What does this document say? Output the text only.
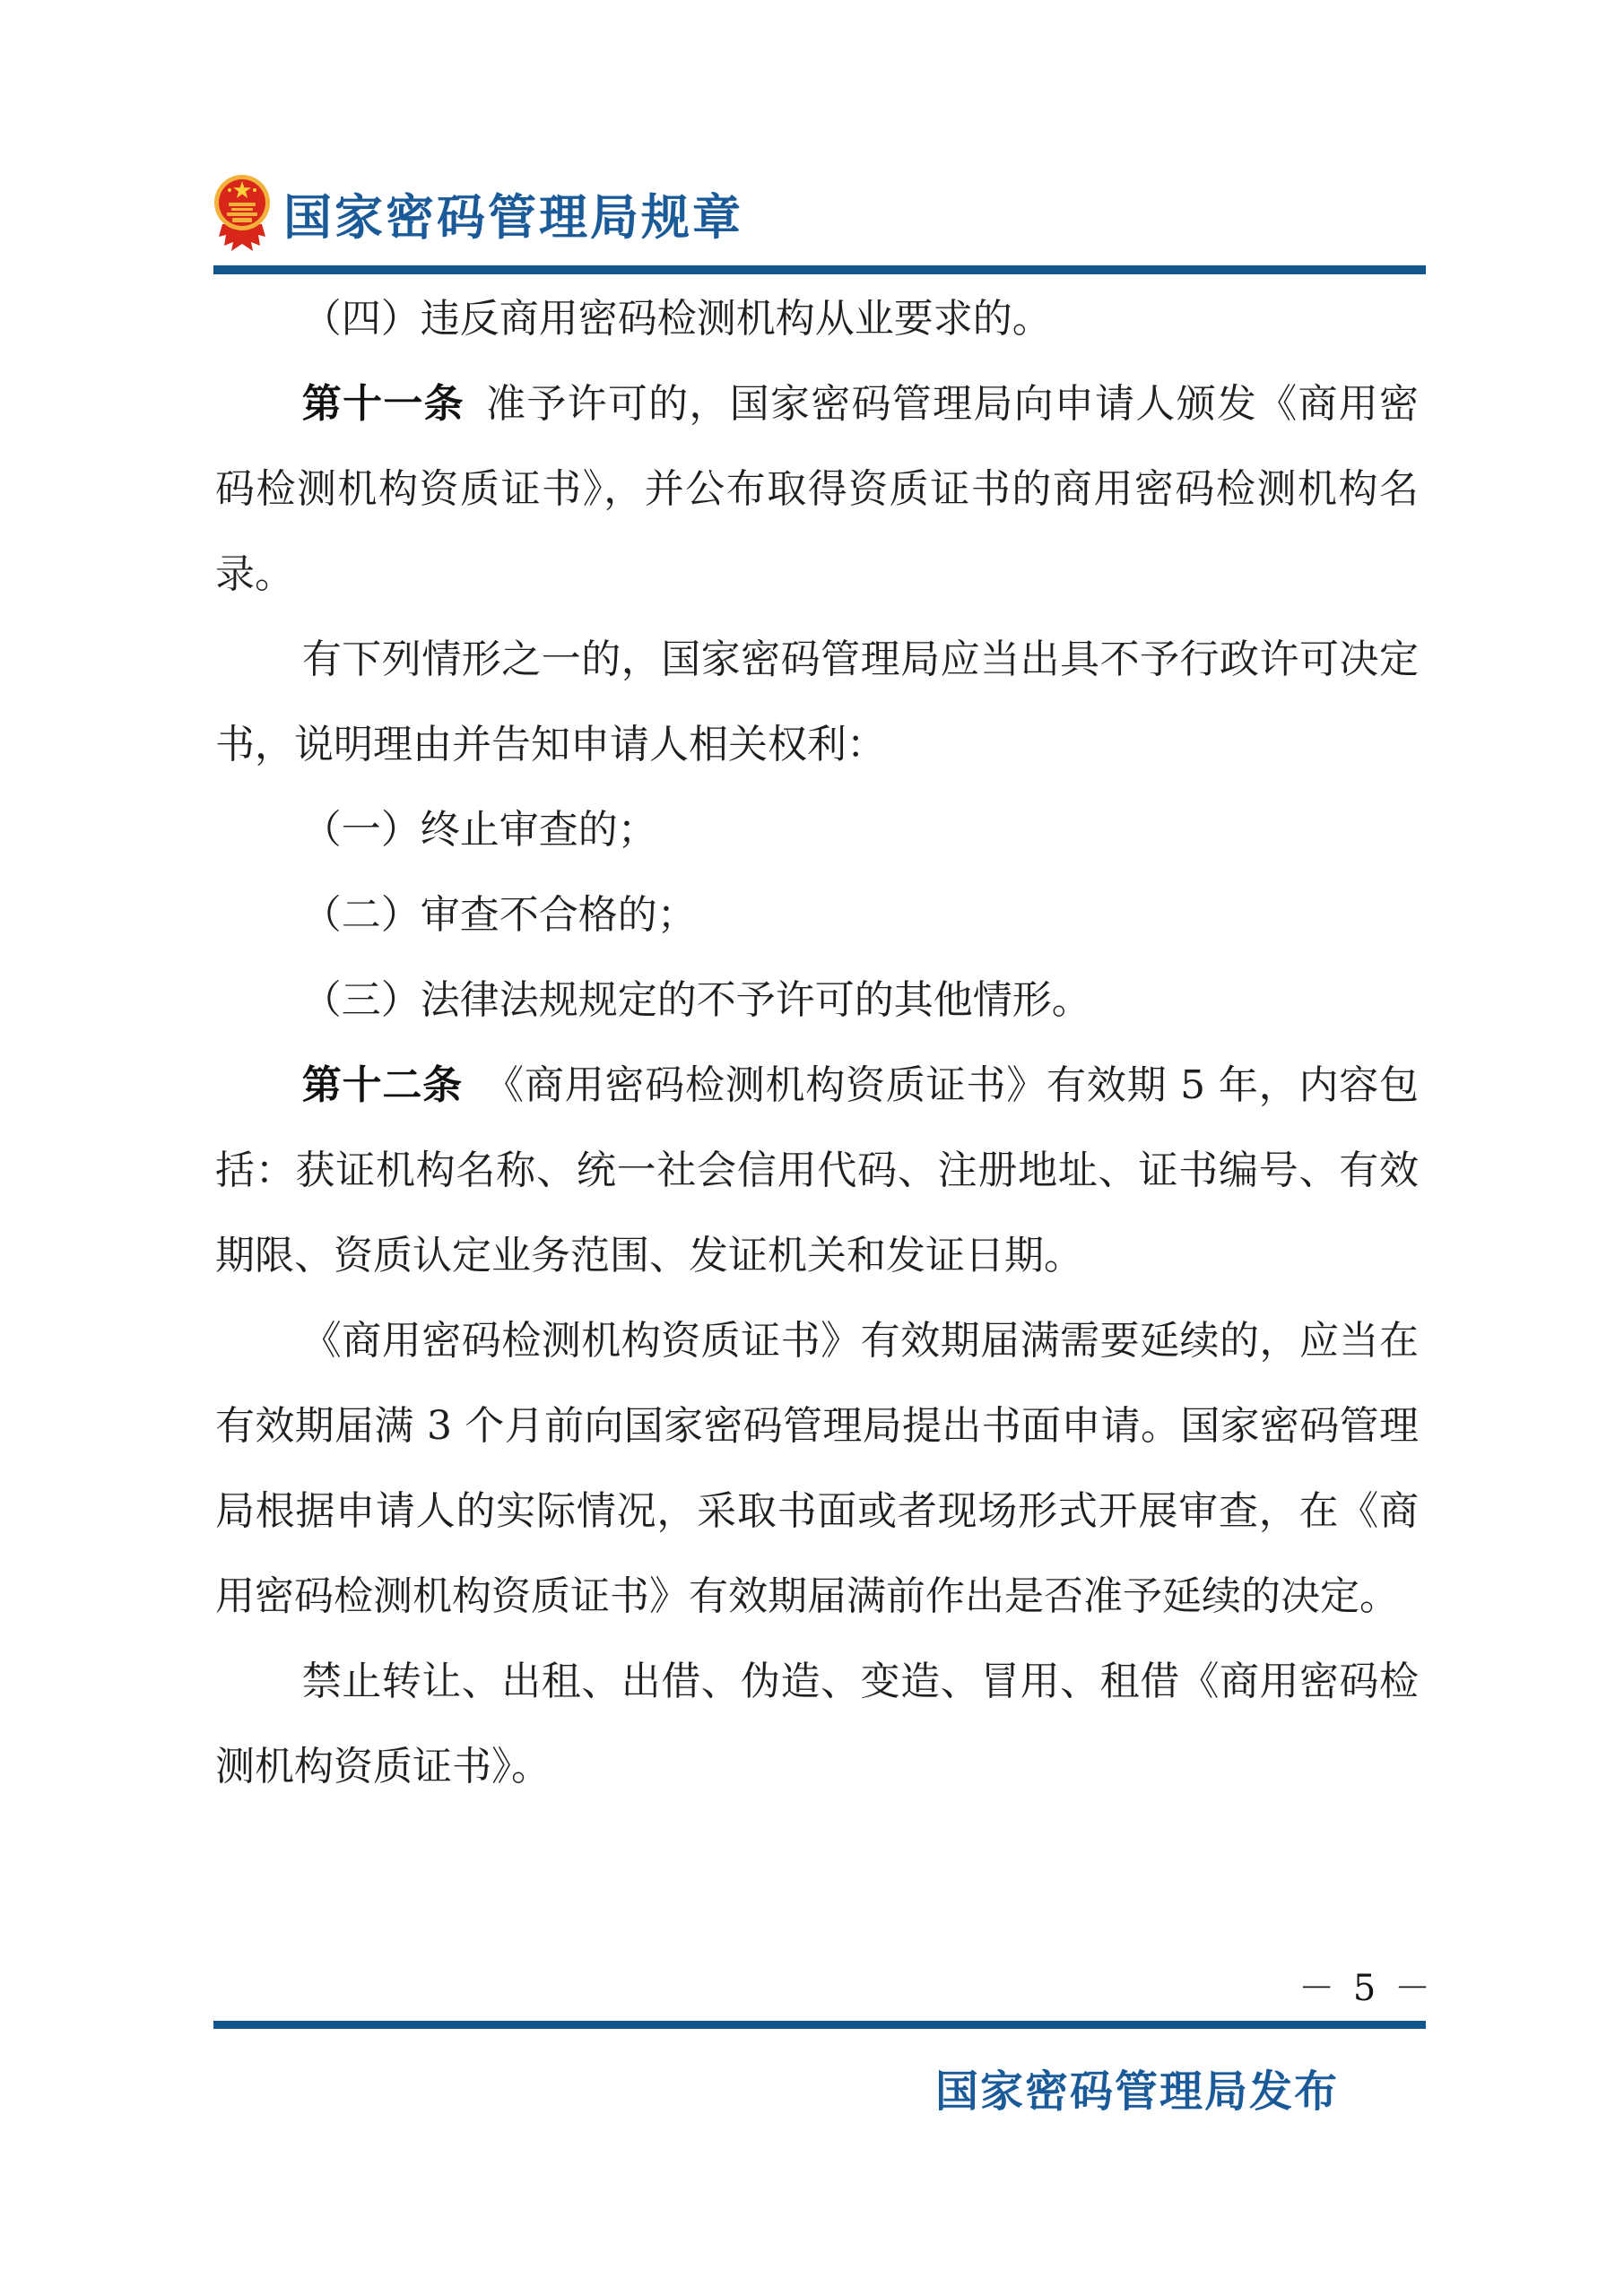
国家密码管理局规章

（四）违反商用密码检测机构从业要求的。

第十一条 准予许可的，国家密码管理局向申请人颁发《商用密码检测机构资质证书》，并公布取得资质证书的商用密码检测机构名录。

有下列情形之一的，国家密码管理局应当出具不予行政许可决定书，说明理由并告知申请人相关权利：

（一）终止审查的；

（二）审查不合格的；

（三）法律法规规定的不予许可的其他情形。

第十二条 《商用密码检测机构资质证书》有效期 5 年，内容包括：获证机构名称、统一社会信用代码、注册地址、证书编号、有效期限、资质认定业务范围、发证机关和发证日期。

《商用密码检测机构资质证书》有效期届满需要延续的，应当在有效期届满 3 个月前向国家密码管理局提出书面申请。国家密码管理局根据申请人的实际情况，采取书面或者现场形式开展审查，在《商用密码检测机构资质证书》有效期届满前作出是否准予延续的决定。

禁止转让、出租、出借、伪造、变造、冒用、租借《商用密码检测机构资质证书》。

－ 5 －
国家密码管理局发布
